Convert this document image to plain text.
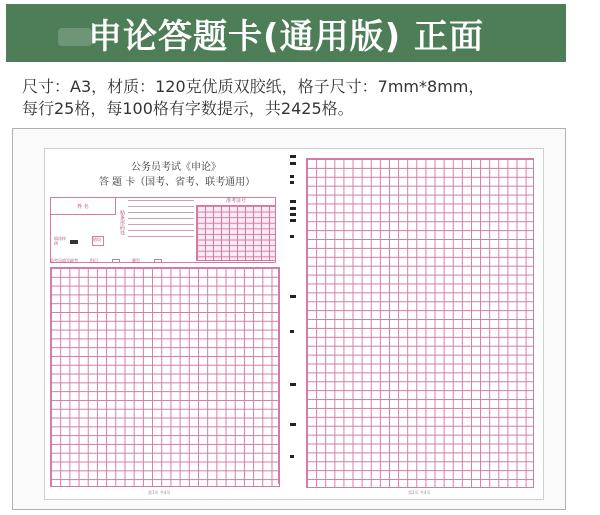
申论答题卡(通用版) 正面
尺寸：A3，材质：120克优质双胶纸，格子尺寸：7mm*8mm，
每行25格，每100格有字数提示，共2425格。
公务员考试《申论》
答 题 卡（国考、省考、联考通用）
姓 名
贴条形码处
准考证号
填涂样例
错误
监考员填写缺考	科目	题型
第1页 共4页	第2页 共4页
